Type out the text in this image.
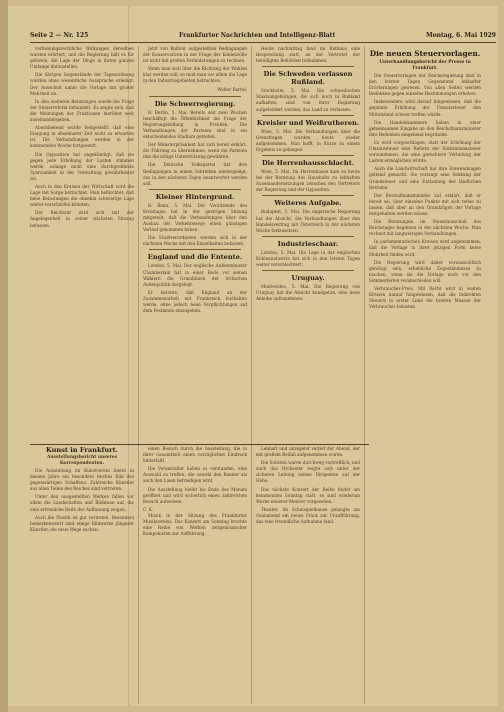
Seite 2 — Nr. 125	Frankfurter Nachrichten und Intelligenz-Blatt	Montag, 6. Mai 1929

verfassungsrechtliche Wirkungen derselben wurden erörtert, und die Regierung hält es für geboten, die Lage der Dinge in ihrem ganzen Umfange darzustellen.

Die übrigen Gegenstände der Tagesordnung wurden ohne wesentliche Aussprache erledigt. Der Ausschuß nahm die Vorlage mit großer Mehrheit an.

In den weiteren Beratungen wurde die Frage der Steuerreform behandelt. Es zeigte sich, daß die Meinungen der Fraktionen hierüber weit auseinandergehen.

Abschließend wurde festgestellt, daß eine Einigung in absehbarer Zeit nicht zu erwarten ist. Die Verhandlungen werden in der kommenden Woche fortgesetzt.

Die Opposition hat angekündigt, daß sie gegen jede Erhöhung der Lasten stimmen werde, solange nicht eine durchgreifende Sparsamkeit in der Verwaltung gewährleistet sei.

Auch in den Kreisen der Wirtschaft wird die Lage mit Sorge betrachtet. Man befürchtet, daß neue Belastungen die ohnehin schwierige Lage weiter verschärfen könnten.

Der Reichsrat wird sich mit der Angelegenheit in seiner nächsten Sitzung befassen.

Jetzt von Balfour aufgestellten Bedingungen der Konservativen in der Frage der Kohlenzölle ist nicht mit großen Veränderungen zu rechnen.

Wenn man sich über die Richtung der Wahlen klar werden will, so muß man vor allem die Lage in den Industriegebieten betrachten.

Walter Bartel.
Die Schwerregierung.

B. Berlin, 5. Mai. Bereits seit zwei Wochen beschäftigt die Öffentlichkeit die Frage der Regierungsbildung in Preußen. Die Verhandlungen der Parteien sind in ein entscheidendes Stadium getreten.

Der Ministerpräsident hat sich bereit erklärt, die Führung zu übernehmen, wenn die Parteien ihm die nötige Unterstützung gewähren.

Die Deutsche Volkspartei hat ihre Bedingungen in einem Schreiben niedergelegt, das in den nächsten Tagen beantwortet werden soll.

Kleiner Hintergrund.

B. Bonn, 5. Mai. Der Vorsitzende des Kreistages hat in der gestrigen Sitzung mitgeteilt, daß die Verhandlungen über den Ausbau der Verkehrswege einen günstigen Verlauf genommen haben.

Die Stadtverordneten werden sich in der nächsten Woche mit den Einzelheiten befassen.

England und die Entente.

London, 5. Mai. Der englische Außenminister Chamberlain hat in einer Rede vor seinen Wählern die Grundlinien der britischen Außenpolitik dargelegt.

Er betonte, daß England an der Zusammenarbeit mit Frankreich festhalten werde, ohne jedoch neue Verpflichtungen auf dem Festlande einzugehen.

Heute nachmittag fand im Rathaus eine Besprechung statt, an der Vertreter der beteiligten Behörden teilnahmen.

Die Schweden verlassen Rußland.

Stockholm, 5. Mai. Die schwedischen Staatsangehörigen, die sich noch in Rußland aufhalten, sind von ihrer Regierung aufgefordert worden, das Land zu verlassen.

Kreisler und Weißrutheren.

Wien, 5. Mai. Die Verhandlungen über die Grenzfragen wurden heute wieder aufgenommen. Man hofft, in Kürze zu einem Ergebnis zu gelangen.

Die Herrenhausschlacht.

Wien, 5. Mai. Im Herrenhause kam es heute bei der Beratung des Haushalts zu lebhaften Auseinandersetzungen zwischen den Vertretern der Regierung und der Opposition.

Weiteres Aufgabe.

Budapest, 5. Mai. Die ungarische Regierung hat die Absicht, die Verhandlungen über den Handelsvertrag mit Österreich in der nächsten Woche fortzusetzen.

Industrieschaar.

London, 5. Mai. Die Lage in der englischen Kohlenindustrie hat sich in den letzten Tagen weiter verschlechtert.

Uruguay.

Montevideo, 5. Mai. Die Regierung von Uruguay hat die Absicht kundgetan, eine neue Anleihe aufzunehmen.

Die neuen Steuervorlagen.
Unterhandlungsbericht der Presse in Frankfurt.

Die Steuervorlagen der Reichsregierung sind in den letzten Tagen Gegenstand lebhafter Erörterungen gewesen. Von allen Seiten werden Bedenken gegen einzelne Bestimmungen erhoben.

Insbesondere wird darauf hingewiesen, daß die geplante Erhöhung der Umsatzsteuer den Mittelstand schwer treffen würde.

Die Handelskammern haben in einer gemeinsamen Eingabe an den Reichsfinanzminister ihre Bedenken eingehend begründet.

Es wird vorgeschlagen, statt der Erhöhung der Umsatzsteuer eine Reform der Einkommensteuer vorzunehmen, die eine gerechtere Verteilung der Lasten ermöglichen würde.

Auch die Landwirtschaft hat ihre Einwendungen geltend gemacht. Sie verlangt eine Senkung der Grundsteuer und eine Entlastung der ländlichen Betriebe.

Der Reichsfinanzminister hat erklärt, daß er bereit sei, über einzelne Punkte mit sich reden zu lassen, daß aber an den Grundzügen der Vorlage festgehalten werden müsse.

Die Beratungen im Steuerausschuß des Reichstages beginnen in der nächsten Woche. Man rechnet mit langwierigen Verhandlungen.

In parlamentarischen Kreisen wird angenommen, daß die Vorlage in ihrer jetzigen Form keine Mehrheit finden wird.

Die Regierung wird daher voraussichtlich genötigt sein, erhebliche Zugeständnisse zu machen, wenn sie die Vorlage noch vor den Sommerferien verabschieden will.

Verbraucher-Preis. Mit Recht wird in weiten Kreisen darauf hingewiesen, daß die indirekten Steuern in erster Linie die breiten Massen der Verbraucher belasten.

Kunst in Frankfurt.
Ausstellungsbericht unseres Korrespondenten.

Die Ausstellung im Kunstverein bietet in diesem Jahre ein besonders reiches Bild des gegenwärtigen Schaffens. Zahlreiche Künstler aus allen Teilen des Reiches sind vertreten.

Unter den ausgestellten Werken fallen vor allem die Landschaften und Bildnisse auf, die eine erfreuliche Reife der Auffassung zeigen.

Auch die Plastik ist gut vertreten. Besonders bemerkenswert sind einige Bildwerke jüngerer Künstler, die neue Wege suchen.

einen Besuch durch die Ausstellung, die in ihrer Gesamtheit einen vorzüglichen Eindruck hinterläßt.

Die Veranstalter haben es verstanden, eine Auswahl zu treffen, die sowohl den Kenner als auch den Laien befriedigen wird.

Die Ausstellung bleibt bis Ende des Monats geöffnet und wird sicherlich einen zahlreichen Besuch aufweisen.

C. K.

Musik in der Sitzung des Frankfurter Musikvereins. Das Konzert am Sonntag brachte eine Reihe von Werken zeitgenössischer Komponisten zur Aufführung.

Lebhaft und anregend verlief der Abend, der mit großem Beifall aufgenommen wurde.

Die Solisten waren durchweg vortrefflich, und auch das Orchester zeigte sich unter der sicheren Leitung seines Dirigenten auf der Höhe.

Das nächste Konzert der Reihe findet am kommenden Sonntag statt; es sind wiederum Werke neuerer Meister vorgesehen.

Theater. Im Schauspielhause gelangte am Sonnabend ein neues Stück zur Uraufführung, das eine freundliche Aufnahme fand.
